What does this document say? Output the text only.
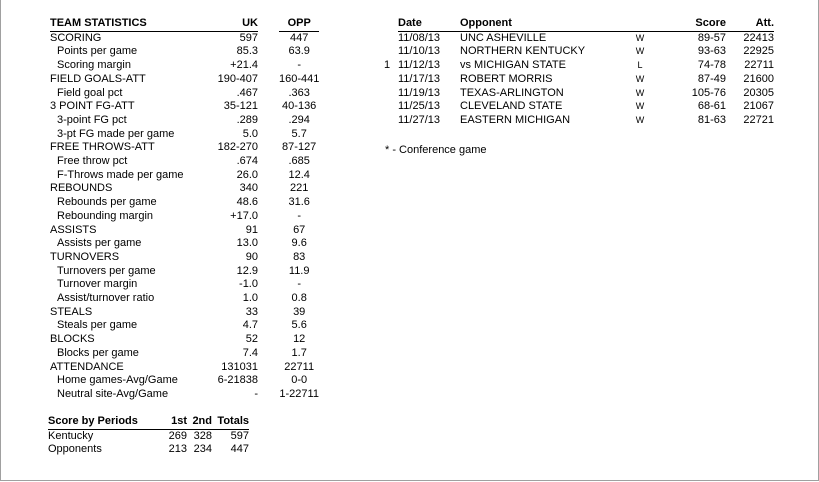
TEAM STATISTICS	UK		OPP
SCORING	597		447
Points per game	85.3		63.9
Scoring margin	+21.4		-
FIELD GOALS-ATT	190-407		160-441
Field goal pct	.467		.363
3 POINT FG-ATT	35-121		40-136
3-point FG pct	.289		.294
3-pt FG made per game	5.0		5.7
FREE THROWS-ATT	182-270		87-127
Free throw pct	.674		.685
F-Throws made per game	26.0		12.4
REBOUNDS	340		221
Rebounds per game	48.6		31.6
Rebounding margin	+17.0		-
ASSISTS	91		67
Assists per game	13.0		9.6
TURNOVERS	90		83
Turnovers per game	12.9		11.9
Turnover margin	-1.0		-
Assist/turnover ratio	1.0		0.8
STEALS	33		39
Steals per game	4.7		5.6
BLOCKS	52		12
Blocks per game	7.4		1.7
ATTENDANCE	131031		22711
Home games-Avg/Game	6-21838		0-0
Neutral site-Avg/Game	-		1-22711
Score by Periods	1st	2nd	Totals
Kentucky	269	328	597
Opponents	213	234	447
	Date	Opponent		Score	Att.
	11/08/13	UNC ASHEVILLE	W	89-57	22413
	11/10/13	NORTHERN KENTUCKY	W	93-63	22925
1	11/12/13	vs MICHIGAN STATE	L	74-78	22711
	11/17/13	ROBERT MORRIS	W	87-49	21600
	11/19/13	TEXAS-ARLINGTON	W	105-76	20305
	11/25/13	CLEVELAND STATE	W	68-61	21067
	11/27/13	EASTERN MICHIGAN	W	81-63	22721
* - Conference game
